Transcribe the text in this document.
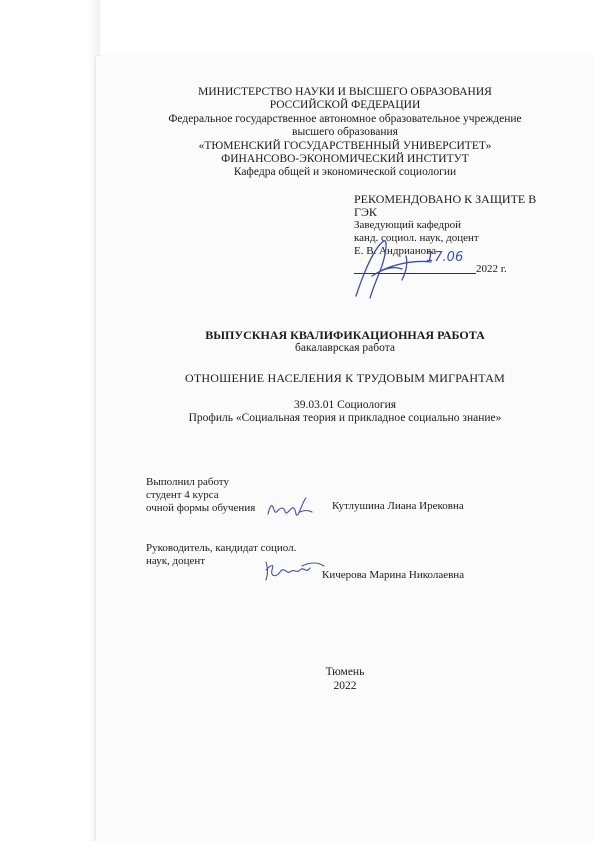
МИНИСТЕРСТВО НАУКИ И ВЫСШЕГО ОБРАЗОВАНИЯ
РОССИЙСКОЙ ФЕДЕРАЦИИ
Федеральное государственное автономное образовательное учреждение
высшего образования
«ТЮМЕНСКИЙ ГОСУДАРСТВЕННЫЙ УНИВЕРСИТЕТ»
ФИНАНСОВО-ЭКОНОМИЧЕСКИЙ ИНСТИТУТ
Кафедра общей и экономической социологии
РЕКОМЕНДОВАНО К ЗАЩИТЕ В
ГЭК
Заведующий кафедрой
канд. социол. наук, доцент
Е. В. Андрианова
2022 г.
17.06
ВЫПУСКНАЯ КВАЛИФИКАЦИОННАЯ РАБОТА
бакалаврская работа
ОТНОШЕНИЕ НАСЕЛЕНИЯ К ТРУДОВЫМ МИГРАНТАМ
39.03.01 Социология
Профиль «Социальная теория и прикладное социально знание»
Выполнил работу
студент 4 курса
очной формы обучения	Кутлушина Лиана Ирековна
Руководитель, кандидат социол.
наук, доцент
Кичерова Марина Николаевна
Тюмень
2022
